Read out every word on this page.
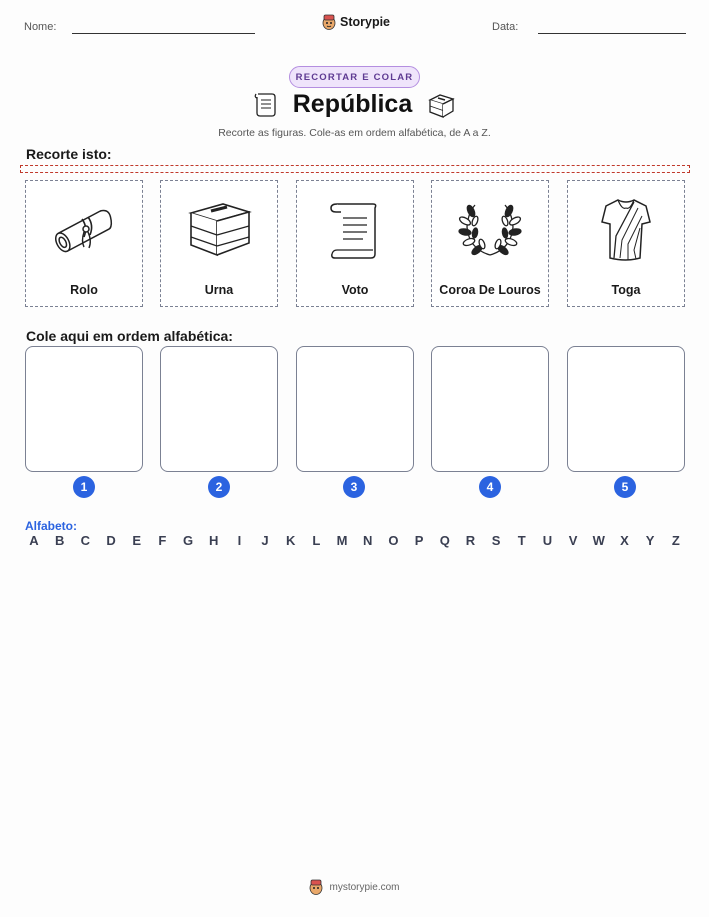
Nome:	Storypie	Data:
RECORTAR E COLAR
República
Recorte as figuras. Cole-as em ordem alfabética, de A a Z.
Recorte isto:
Rolo	Urna	Voto	Coroa De Louros	Toga
Cole aqui em ordem alfabética:
1	2	3	4	5
Alfabeto:
A B C D E F G H	I	J K L M N O P Q R S T U V W X Y Z
mystorypie.com
